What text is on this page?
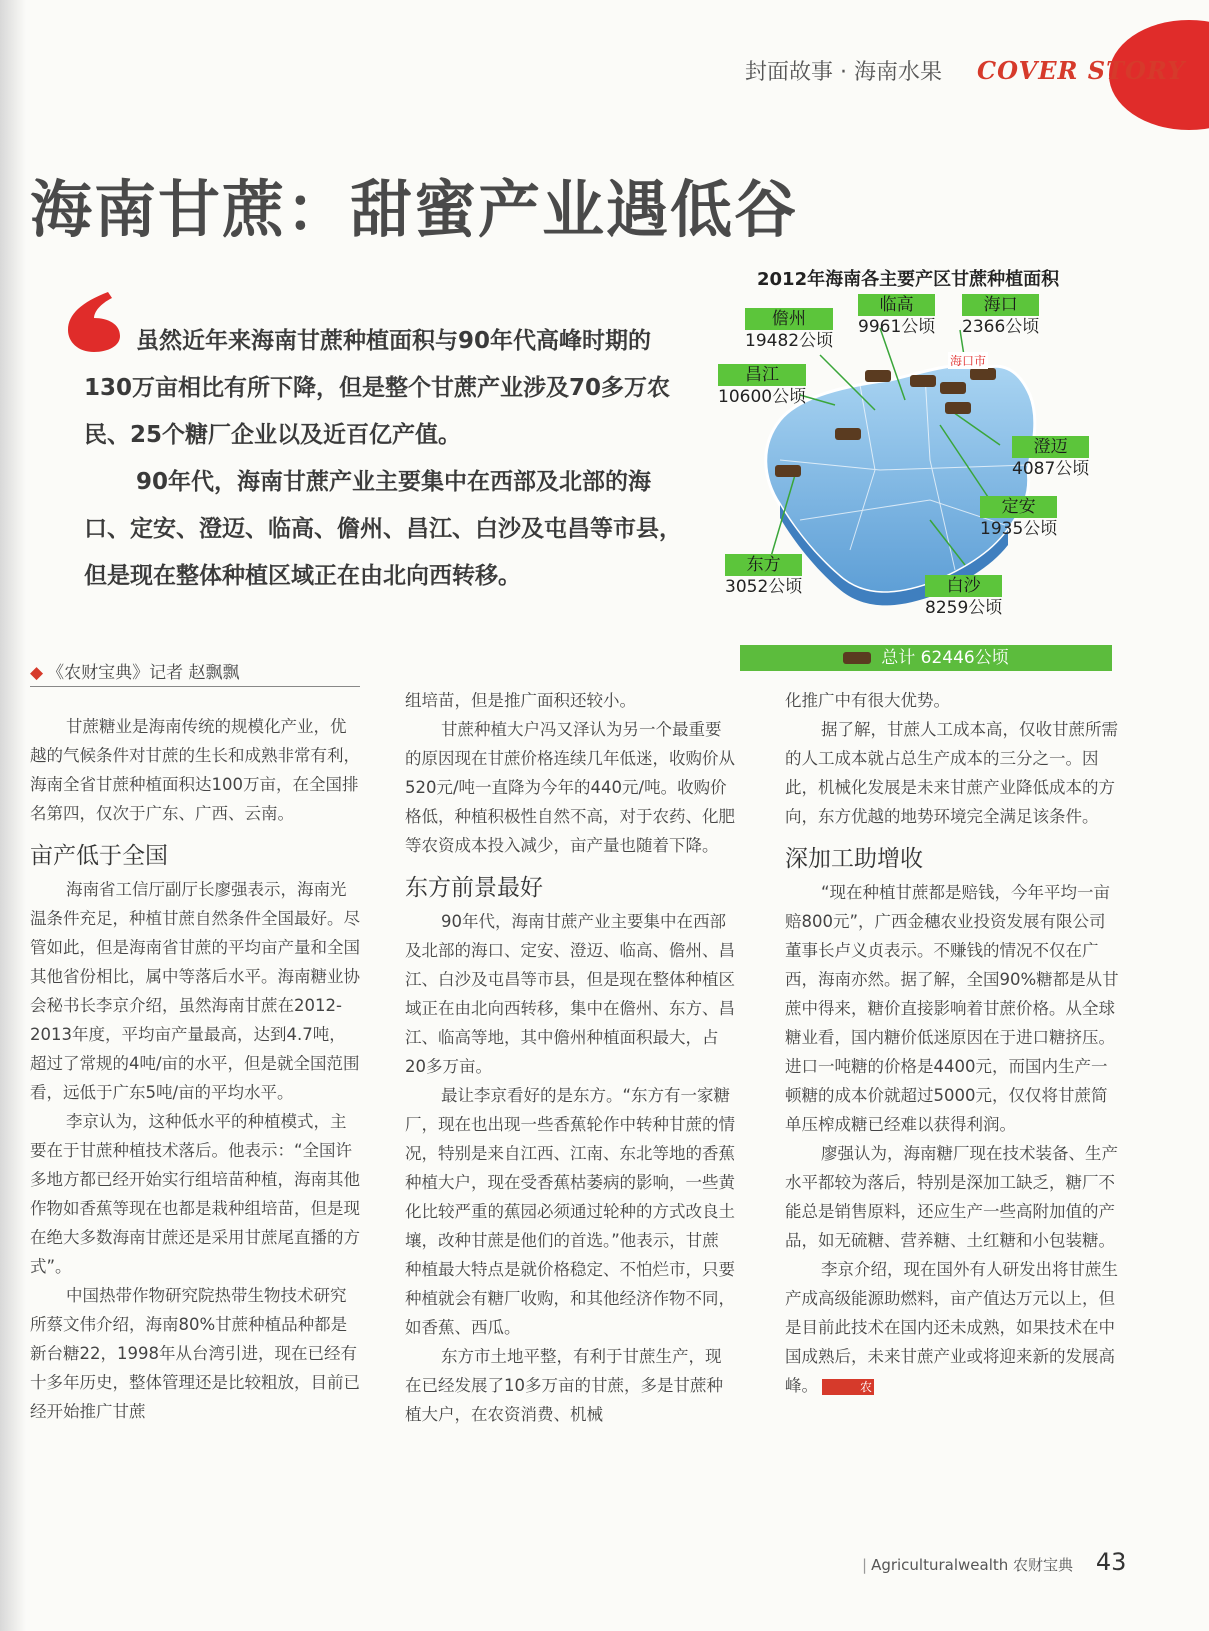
封面故事 · 海南水果 COVER STORY
海南甘蔗：甜蜜产业遇低谷

虽然近年来海南甘蔗种植面积与90年代高峰时期的130万亩相比有所下降，但是整个甘蔗产业涉及70多万农民、25个糖厂企业以及近百亿产值。

90年代，海南甘蔗产业主要集中在西部及北部的海口、定安、澄迈、临高、儋州、昌江、白沙及屯昌等市县，但是现在整体种植区域正在由北向西转移。

2012年海南各主要产区甘蔗种植面积
海口市
儋州
19482公顷
临高
9961公顷
海口
2366公顷
昌江
10600公顷
澄迈
4087公顷
定安
1935公顷
东方
3052公顷	白沙
8259公顷
总计 62446公顷
◆ 《农财宝典》记者 赵飘飘

甘蔗糖业是海南传统的规模化产业，优越的气候条件对甘蔗的生长和成熟非常有利，海南全省甘蔗种植面积达100万亩，在全国排名第四，仅次于广东、广西、云南。

亩产低于全国

海南省工信厅副厅长廖强表示，海南光温条件充足，种植甘蔗自然条件全国最好。尽管如此，但是海南省甘蔗的平均亩产量和全国其他省份相比，属中等落后水平。海南糖业协会秘书长李京介绍，虽然海南甘蔗在2012-2013年度，平均亩产量最高，达到4.7吨，超过了常规的4吨/亩的水平，但是就全国范围看，远低于广东5吨/亩的平均水平。

李京认为，这种低水平的种植模式，主要在于甘蔗种植技术落后。他表示：“全国许多地方都已经开始实行组培苗种植，海南其他作物如香蕉等现在也都是栽种组培苗，但是现在绝大多数海南甘蔗还是采用甘蔗尾直播的方式”。

中国热带作物研究院热带生物技术研究所蔡文伟介绍，海南80%甘蔗种植品种都是新台糖22，1998年从台湾引进，现在已经有十多年历史，整体管理还是比较粗放，目前已经开始推广甘蔗

组培苗，但是推广面积还较小。

甘蔗种植大户冯又泽认为另一个最重要的原因现在甘蔗价格连续几年低迷，收购价从520元/吨一直降为今年的440元/吨。收购价格低，种植积极性自然不高，对于农药、化肥等农资成本投入减少，亩产量也随着下降。

东方前景最好

90年代，海南甘蔗产业主要集中在西部及北部的海口、定安、澄迈、临高、儋州、昌江、白沙及屯昌等市县，但是现在整体种植区域正在由北向西转移，集中在儋州、东方、昌江、临高等地，其中儋州种植面积最大，占20多万亩。

最让李京看好的是东方。“东方有一家糖厂，现在也出现一些香蕉轮作中转种甘蔗的情况，特别是来自江西、江南、东北等地的香蕉种植大户，现在受香蕉枯萎病的影响，一些黄化比较严重的蕉园必须通过轮种的方式改良土壤，改种甘蔗是他们的首选。”他表示，甘蔗种植最大特点是就价格稳定、不怕烂市，只要种植就会有糖厂收购，和其他经济作物不同，如香蕉、西瓜。

东方市土地平整，有利于甘蔗生产，现在已经发展了10多万亩的甘蔗，多是甘蔗种植大户，在农资消费、机械

化推广中有很大优势。

据了解，甘蔗人工成本高，仅收甘蔗所需的人工成本就占总生产成本的三分之一。因此，机械化发展是未来甘蔗产业降低成本的方向，东方优越的地势环境完全满足该条件。

深加工助增收

“现在种植甘蔗都是赔钱，今年平均一亩赔800元”，广西金穗农业投资发展有限公司董事长卢义贞表示。不赚钱的情况不仅在广西，海南亦然。据了解，全国90%糖都是从甘蔗中得来，糖价直接影响着甘蔗价格。从全球糖业看，国内糖价低迷原因在于进口糖挤压。进口一吨糖的价格是4400元，而国内生产一顿糖的成本价就超过5000元，仅仅将甘蔗简单压榨成糖已经难以获得利润。

廖强认为，海南糖厂现在技术装备、生产水平都较为落后，特别是深加工缺乏，糖厂不能总是销售原料，还应生产一些高附加值的产品，如无硫糖、营养糖、土红糖和小包装糖。

李京介绍，现在国外有人研发出将甘蔗生产成高级能源助燃料，亩产值达万元以上，但是目前此技术在国内还未成熟，如果技术在中国成熟后，未来甘蔗产业或将迎来新的发展高峰。	农

| Agriculturalwealth 农财宝典 43
